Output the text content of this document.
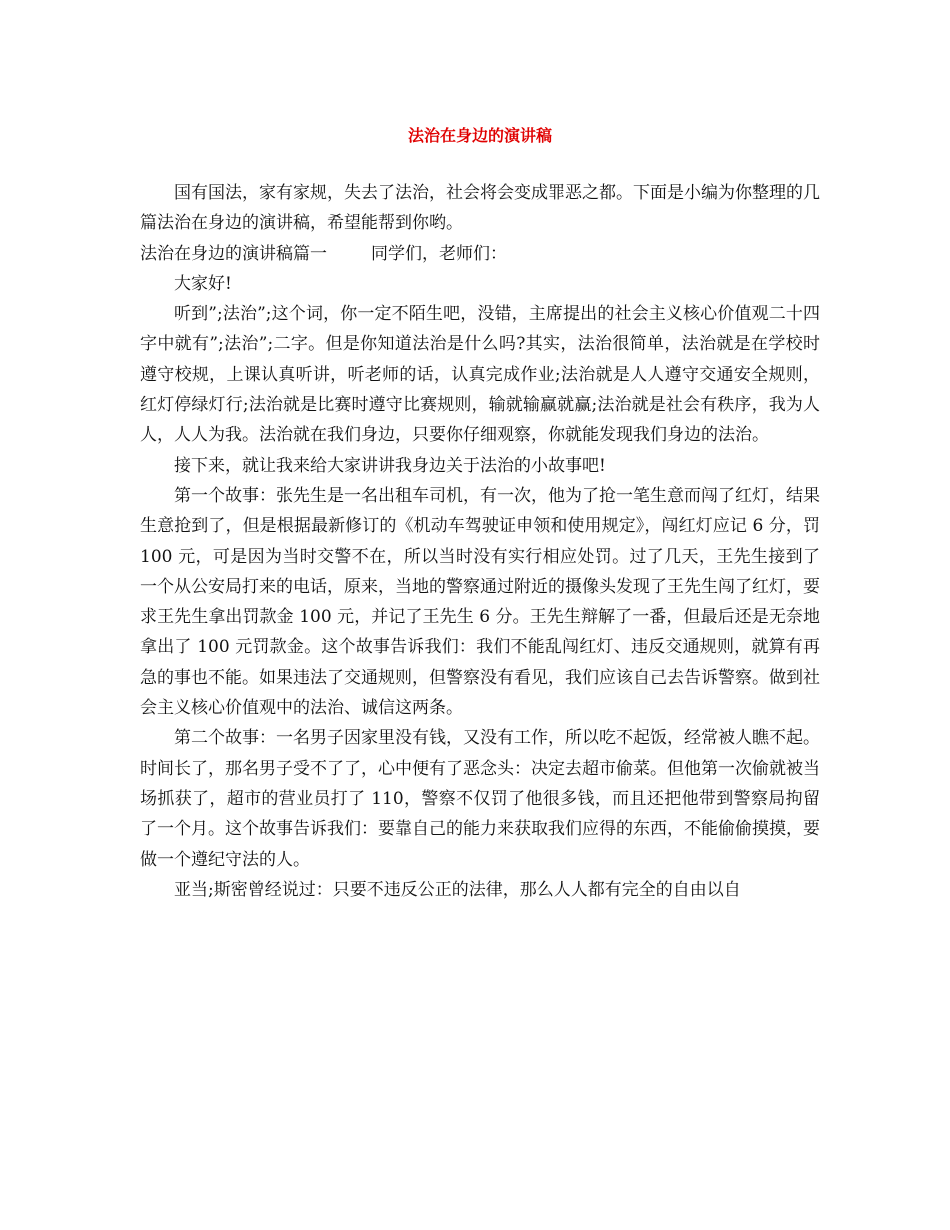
法治在身边的演讲稿

国有国法，家有家规，失去了法治，社会将会变成罪恶之都。下面是小编为你整理的几篇法治在身边的演讲稿，希望能帮到你哟。

法治在身边的演讲稿篇一	同学们，老师们：

大家好!

听到”;法治”;这个词，你一定不陌生吧，没错，主席提出的社会主义核心价值观二十四字中就有”;法治”;二字。但是你知道法治是什么吗?其实，法治很简单，法治就是在学校时遵守校规，上课认真听讲，听老师的话，认真完成作业;法治就是人人遵守交通安全规则，红灯停绿灯行;法治就是比赛时遵守比赛规则，输就输赢就赢;法治就是社会有秩序，我为人人，人人为我。法治就在我们身边，只要你仔细观察，你就能发现我们身边的法治。

接下来，就让我来给大家讲讲我身边关于法治的小故事吧!

第一个故事：张先生是一名出租车司机，有一次，他为了抢一笔生意而闯了红灯，结果生意抢到了，但是根据最新修订的《机动车驾驶证申领和使用规定》，闯红灯应记 6 分，罚 100 元，可是因为当时交警不在，所以当时没有实行相应处罚。过了几天，王先生接到了一个从公安局打来的电话，原来，当地的警察通过附近的摄像头发现了王先生闯了红灯，要求王先生拿出罚款金 100 元，并记了王先生 6 分。王先生辩解了一番，但最后还是无奈地拿出了 100 元罚款金。这个故事告诉我们：我们不能乱闯红灯、违反交通规则，就算有再急的事也不能。如果违法了交通规则，但警察没有看见，我们应该自己去告诉警察。做到社会主义核心价值观中的法治、诚信这两条。

第二个故事：一名男子因家里没有钱，又没有工作，所以吃不起饭，经常被人瞧不起。时间长了，那名男子受不了了，心中便有了恶念头：决定去超市偷菜。但他第一次偷就被当场抓获了，超市的营业员打了 110，警察不仅罚了他很多钱，而且还把他带到警察局拘留了一个月。这个故事告诉我们：要靠自己的能力来获取我们应得的东西，不能偷偷摸摸，要做一个遵纪守法的人。

亚当;斯密曾经说过：只要不违反公正的法律，那么人人都有完全的自由以自
